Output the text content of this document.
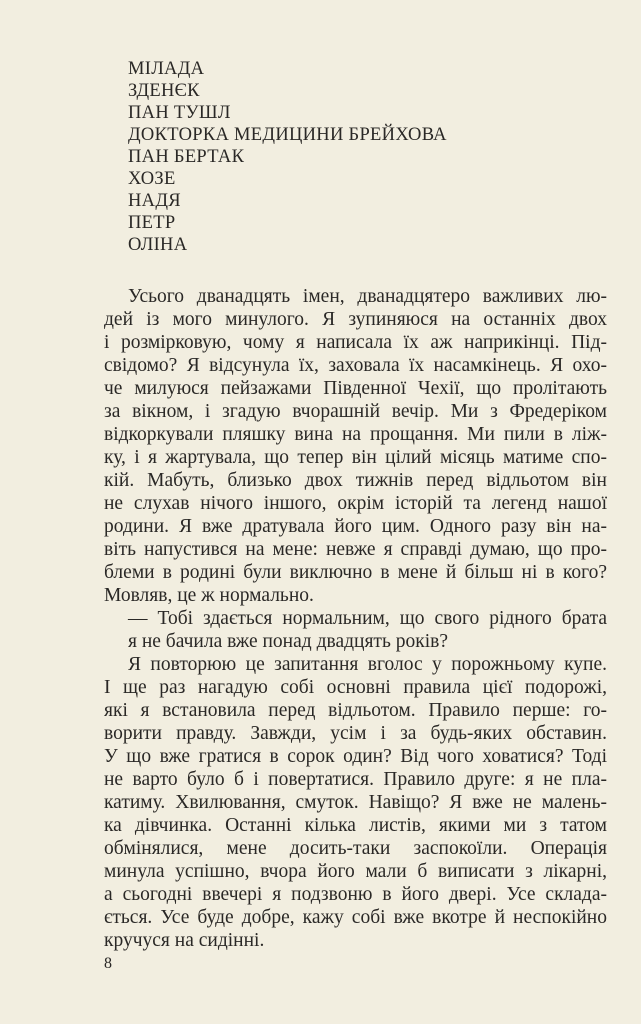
МІЛАДА
ЗДЕНЄК
ПАН ТУШЛ
ДОКТОРКА МЕДИЦИНИ БРЕЙХОВА
ПАН БЕРТАК
ХОЗЕ
НАДЯ
ПЕТР
ОЛІНА
Усього дванадцять імен, дванадцятеро важливих лю-
дей із мого минулого. Я зупиняюся на останніх двох
і розмірковую, чому я написала їх аж наприкінці. Під-
свідомо? Я відсунула їх, заховала їх насамкінець. Я охо-
че милуюся пейзажами Південної Чехії, що пролітають
за вікном, і згадую вчорашній вечір. Ми з Фредеріком
відкоркували пляшку вина на прощання. Ми пили в ліж-
ку, і я жартувала, що тепер він цілий місяць матиме спо-
кій. Мабуть, близько двох тижнів перед відльотом він
не слухав нічого іншого, окрім історій та легенд нашої
родини. Я вже дратувала його цим. Одного разу він на-
віть напустився на мене: невже я справді думаю, що про-
блеми в родині були виключно в мене й більш ні в кого?
Мовляв, це ж нормально.
— Тобі здається нормальним, що свого рідного брата
я не бачила вже понад двадцять років?
Я повторюю це запитання вголос у порожньому купе.
І ще раз нагадую собі основні правила цієї подорожі,
які я встановила перед відльотом. Правило перше: го-
ворити правду. Завжди, усім і за будь-яких обставин.
У що вже гратися в сорок один? Від чого ховатися? Тоді
не варто було б і повертатися. Правило друге: я не пла-
катиму. Хвилювання, смуток. Навіщо? Я вже не малень-
ка дівчинка. Останні кілька листів, якими ми з татом
обмінялися, мене досить-таки заспокоїли. Операція
минула успішно, вчора його мали б виписати з лікарні,
а сьогодні ввечері я подзвоню в його двері. Усе склада-
ється. Усе буде добре, кажу собі вже вкотре й неспокійно
кручуся на сидінні.
8
